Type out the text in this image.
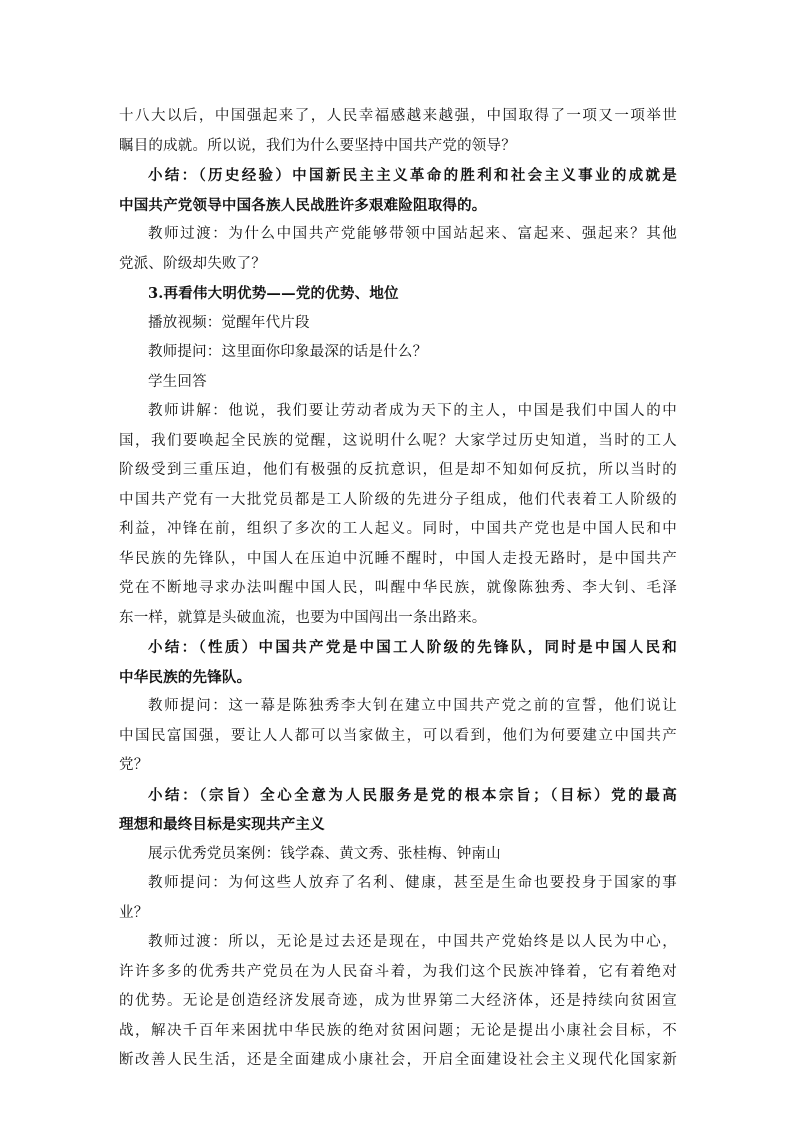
十八大以后，中国强起来了，人民幸福感越来越强，中国取得了一项又一项举世
瞩目的成就。所以说，我们为什么要坚持中国共产党的领导？
小结：（历史经验）中国新民主主义革命的胜利和社会主义事业的成就是
中国共产党领导中国各族人民战胜许多艰难险阻取得的。
教师过渡：为什么中国共产党能够带领中国站起来、富起来、强起来？其他
党派、阶级却失败了？
3.再看伟大明优势——党的优势、地位
播放视频：觉醒年代片段
教师提问：这里面你印象最深的话是什么？
学生回答
教师讲解：他说，我们要让劳动者成为天下的主人，中国是我们中国人的中
国，我们要唤起全民族的觉醒，这说明什么呢？大家学过历史知道，当时的工人
阶级受到三重压迫，他们有极强的反抗意识，但是却不知如何反抗，所以当时的
中国共产党有一大批党员都是工人阶级的先进分子组成，他们代表着工人阶级的
利益，冲锋在前，组织了多次的工人起义。同时，中国共产党也是中国人民和中
华民族的先锋队，中国人在压迫中沉睡不醒时，中国人走投无路时，是中国共产
党在不断地寻求办法叫醒中国人民，叫醒中华民族，就像陈独秀、李大钊、毛泽
东一样，就算是头破血流，也要为中国闯出一条出路来。
小结：（性质）中国共产党是中国工人阶级的先锋队，同时是中国人民和
中华民族的先锋队。
教师提问：这一幕是陈独秀李大钊在建立中国共产党之前的宣誓，他们说让
中国民富国强，要让人人都可以当家做主，可以看到，他们为何要建立中国共产
党？
小结：（宗旨）全心全意为人民服务是党的根本宗旨；（目标）党的最高
理想和最终目标是实现共产主义
展示优秀党员案例：钱学森、黄文秀、张桂梅、钟南山
教师提问：为何这些人放弃了名利、健康，甚至是生命也要投身于国家的事
业？
教师过渡：所以，无论是过去还是现在，中国共产党始终是以人民为中心，
许许多多的优秀共产党员在为人民奋斗着，为我们这个民族冲锋着，它有着绝对
的优势。无论是创造经济发展奇迹，成为世界第二大经济体，还是持续向贫困宣
战，解决千百年来困扰中华民族的绝对贫困问题；无论是提出小康社会目标，不
断改善人民生活，还是全面建成小康社会，开启全面建设社会主义现代化国家新
